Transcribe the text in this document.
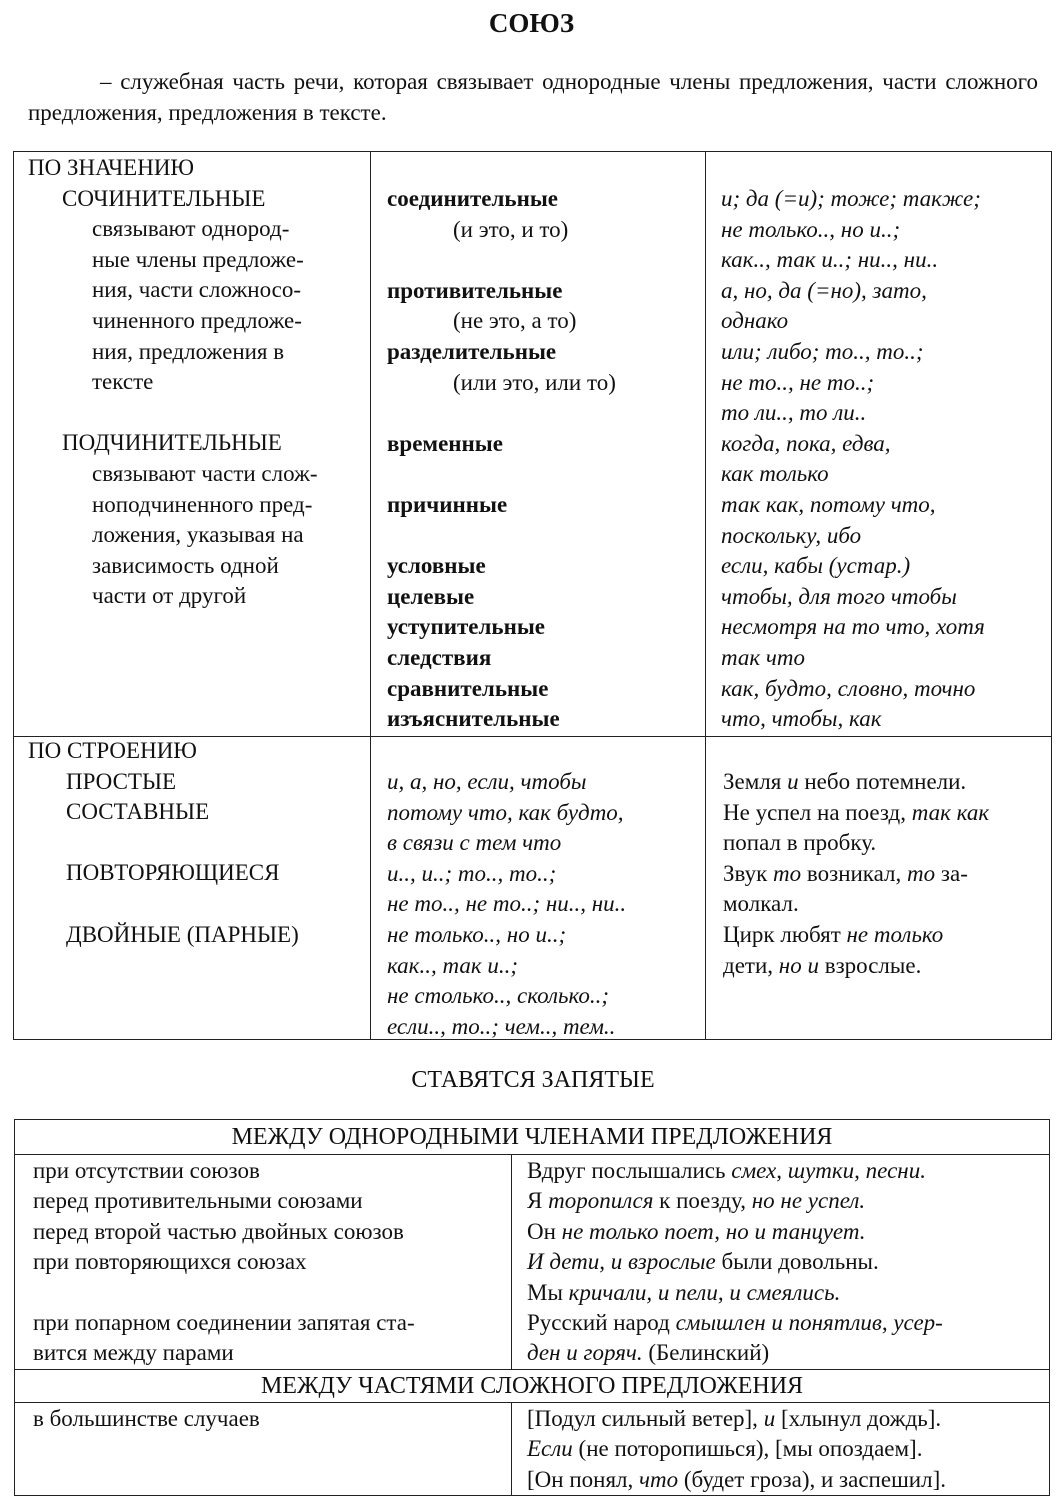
СОЮЗ
– служебная часть речи, которая связывает однородные члены предложения, части сложного предложения, предложения в тексте.
ПО ЗНАЧЕНИЮ
СОЧИНИТЕЛЬНЫЕ
связывают однород-
ные члены предложе-
ния, части сложносо-
чиненного предложе-
ния, предложения в
тексте

ПОДЧИНИТЕЛЬНЫЕ
связывают части слож-
ноподчиненного пред-
ложения, указывая на
зависимость одной
части от другой
соединительные
(и это, и то)

противительные
(не это, а то)
разделительные
(или это, или то)

временные

причинные

условные
целевые
уступительные
следствия
сравнительные
изъяснительные
и; да (=и); тоже; также;
не только.., но и..;
как.., так и..; ни.., ни..
а, но, да (=но), зато,
однако
или; либо; то.., то..;
не то.., не то..;
то ли.., то ли..
когда, пока, едва,
как только
так как, потому что,
поскольку, ибо
если, кабы (устар.)
чтобы, для того чтобы
несмотря на то что, хотя
так что
как, будто, словно, точно
что, чтобы, как
ПО СТРОЕНИЮ
ПРОСТЫЕ
СОСТАВНЫЕ

ПОВТОРЯЮЩИЕСЯ

ДВОЙНЫЕ (ПАРНЫЕ)
и, а, но, если, чтобы
потому что, как будто,
в связи с тем что
и.., и..; то.., то..;
не то.., не то..; ни.., ни..
не только.., но и..;
как.., так и..;
не столько.., сколько..;
если.., то..; чем.., тем..
Земля и небо потемнели.
Не успел на поезд, так как
попал в пробку.
Звук то возникал, то за-
молкал.
Цирк любят не только
дети, но и взрослые.
СТАВЯТСЯ ЗАПЯТЫЕ
МЕЖДУ ОДНОРОДНЫМИ ЧЛЕНАМИ ПРЕДЛОЖЕНИЯ
при отсутствии союзов
перед противительными союзами
перед второй частью двойных союзов
при повторяющихся союзах

при попарном соединении запятая ста-
вится между парами
Вдруг послышались смех, шутки, песни.
Я торопился к поезду, но не успел.
Он не только поет, но и танцует.
И дети, и взрослые были довольны.
Мы кричали, и пели, и смеялись.
Русский народ смышлен и понятлив, усер-
ден и горяч. (Белинский)
МЕЖДУ ЧАСТЯМИ СЛОЖНОГО ПРЕДЛОЖЕНИЯ
в большинстве случаев	[Подул сильный ветер], и [хлынул дождь].
Если (не поторопишься), [мы опоздаем].
[Он понял, что (будет гроза), и заспешил].
